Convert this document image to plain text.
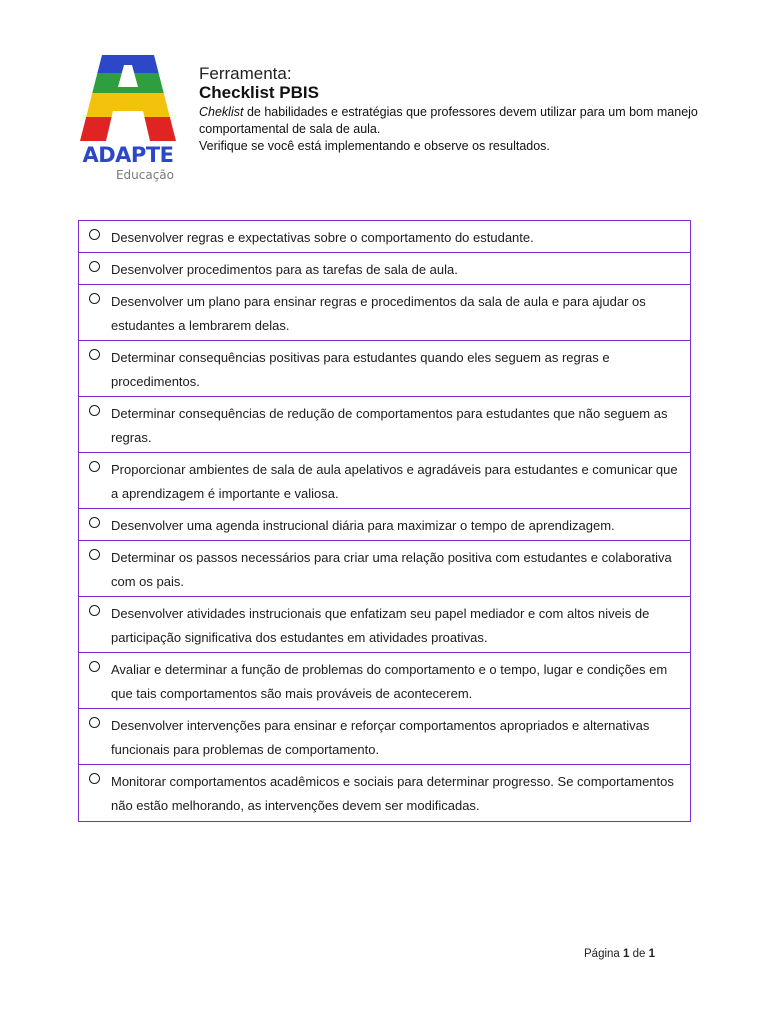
ADAPTE
Educação
Ferramenta:
Checklist PBIS
Cheklist de habilidades e estratégias que professores devem utilizar para um bom manejo comportamental de sala de aula.
Verifique se você está implementando e observe os resultados.
Desenvolver regras e expectativas sobre o comportamento do estudante.
Desenvolver procedimentos para as tarefas de sala de aula.
Desenvolver um plano para ensinar regras e procedimentos da sala de aula e para ajudar os estudantes a lembrarem delas.
Determinar consequências positivas para estudantes quando eles seguem as regras e procedimentos.
Determinar consequências de redução de comportamentos para estudantes que não seguem as regras.
Proporcionar ambientes de sala de aula apelativos e agradáveis para estudantes e comunicar que a aprendizagem é importante e valiosa.
Desenvolver uma agenda instrucional diária para maximizar o tempo de aprendizagem.
Determinar os passos necessários para criar uma relação positiva com estudantes e colaborativa com os pais.
Desenvolver atividades instrucionais que enfatizam seu papel mediador e com altos niveis de participação significativa dos estudantes em atividades proativas.
Avaliar e determinar a função de problemas do comportamento e o tempo, lugar e condições em que tais comportamentos são mais prováveis de acontecerem.
Desenvolver intervenções para ensinar e reforçar comportamentos apropriados e alternativas funcionais para problemas de comportamento.
Monitorar comportamentos acadêmicos e sociais para determinar progresso. Se comportamentos não estão melhorando, as intervenções devem ser modificadas.
Página 1 de 1
